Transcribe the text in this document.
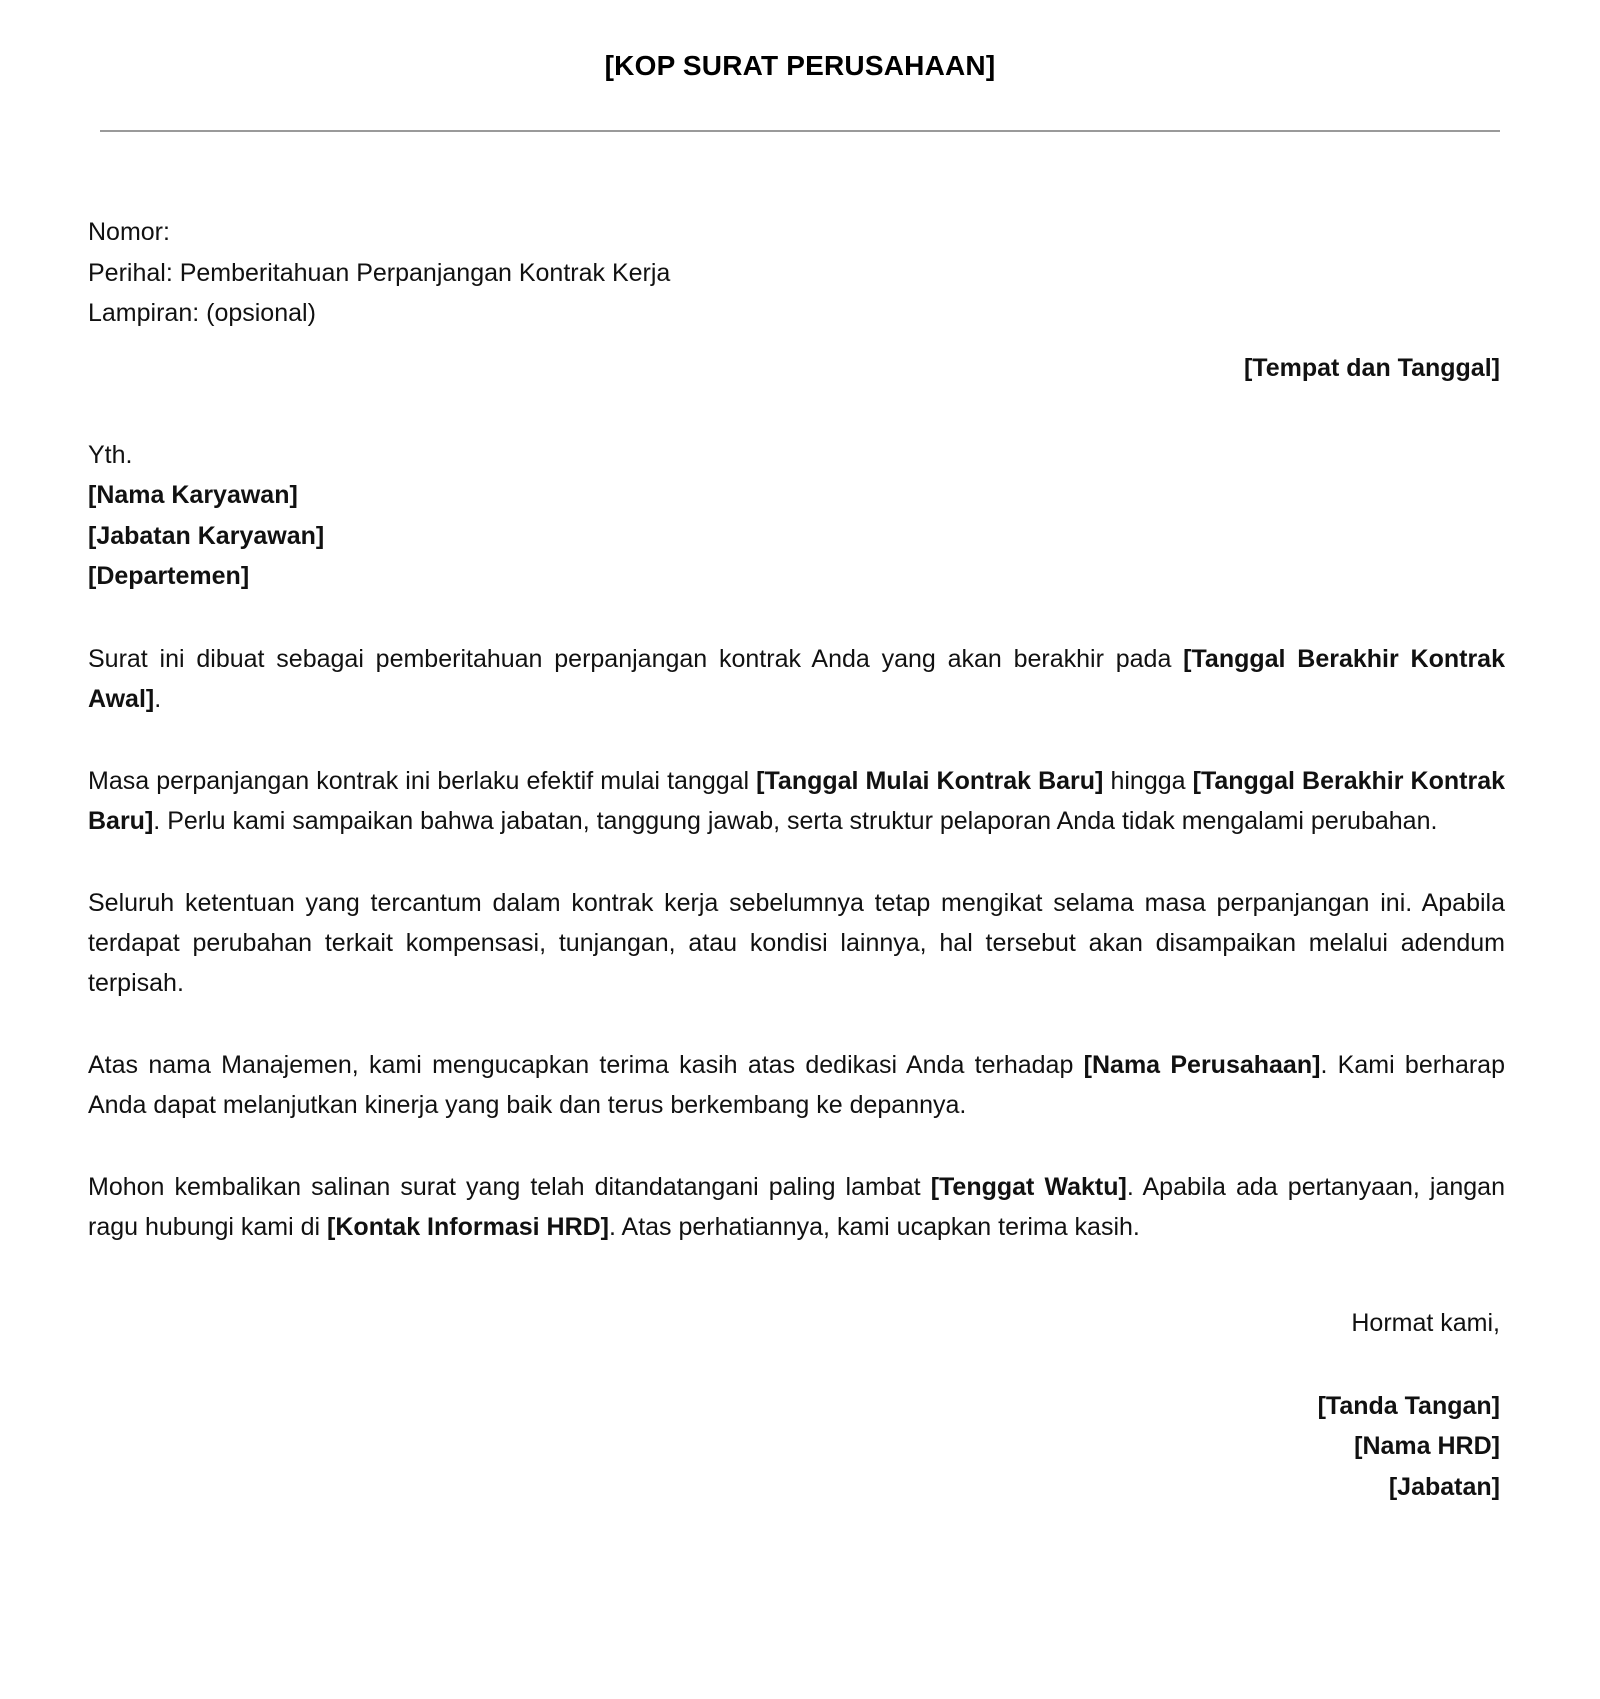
[KOP SURAT PERUSAHAAN]
Nomor:
Perihal: Pemberitahuan Perpanjangan Kontrak Kerja
Lampiran: (opsional)
[Tempat dan Tanggal]
Yth.
[Nama Karyawan]
[Jabatan Karyawan]
[Departemen]

Surat ini dibuat sebagai pemberitahuan perpanjangan kontrak Anda yang akan berakhir pada [Tanggal Berakhir Kontrak Awal].

Masa perpanjangan kontrak ini berlaku efektif mulai tanggal [Tanggal Mulai Kontrak Baru] hingga [Tanggal Berakhir Kontrak Baru]. Perlu kami sampaikan bahwa jabatan, tanggung jawab, serta struktur pelaporan Anda tidak mengalami perubahan.

Seluruh ketentuan yang tercantum dalam kontrak kerja sebelumnya tetap mengikat selama masa perpanjangan ini. Apabila terdapat perubahan terkait kompensasi, tunjangan, atau kondisi lainnya, hal tersebut akan disampaikan melalui adendum terpisah.

Atas nama Manajemen, kami mengucapkan terima kasih atas dedikasi Anda terhadap [Nama Perusahaan]. Kami berharap Anda dapat melanjutkan kinerja yang baik dan terus berkembang ke depannya.

Mohon kembalikan salinan surat yang telah ditandatangani paling lambat [Tenggat Waktu]. Apabila ada pertanyaan, jangan ragu hubungi kami di [Kontak Informasi HRD]. Atas perhatiannya, kami ucapkan terima kasih.

Hormat kami,
[Tanda Tangan]
[Nama HRD]
[Jabatan]
